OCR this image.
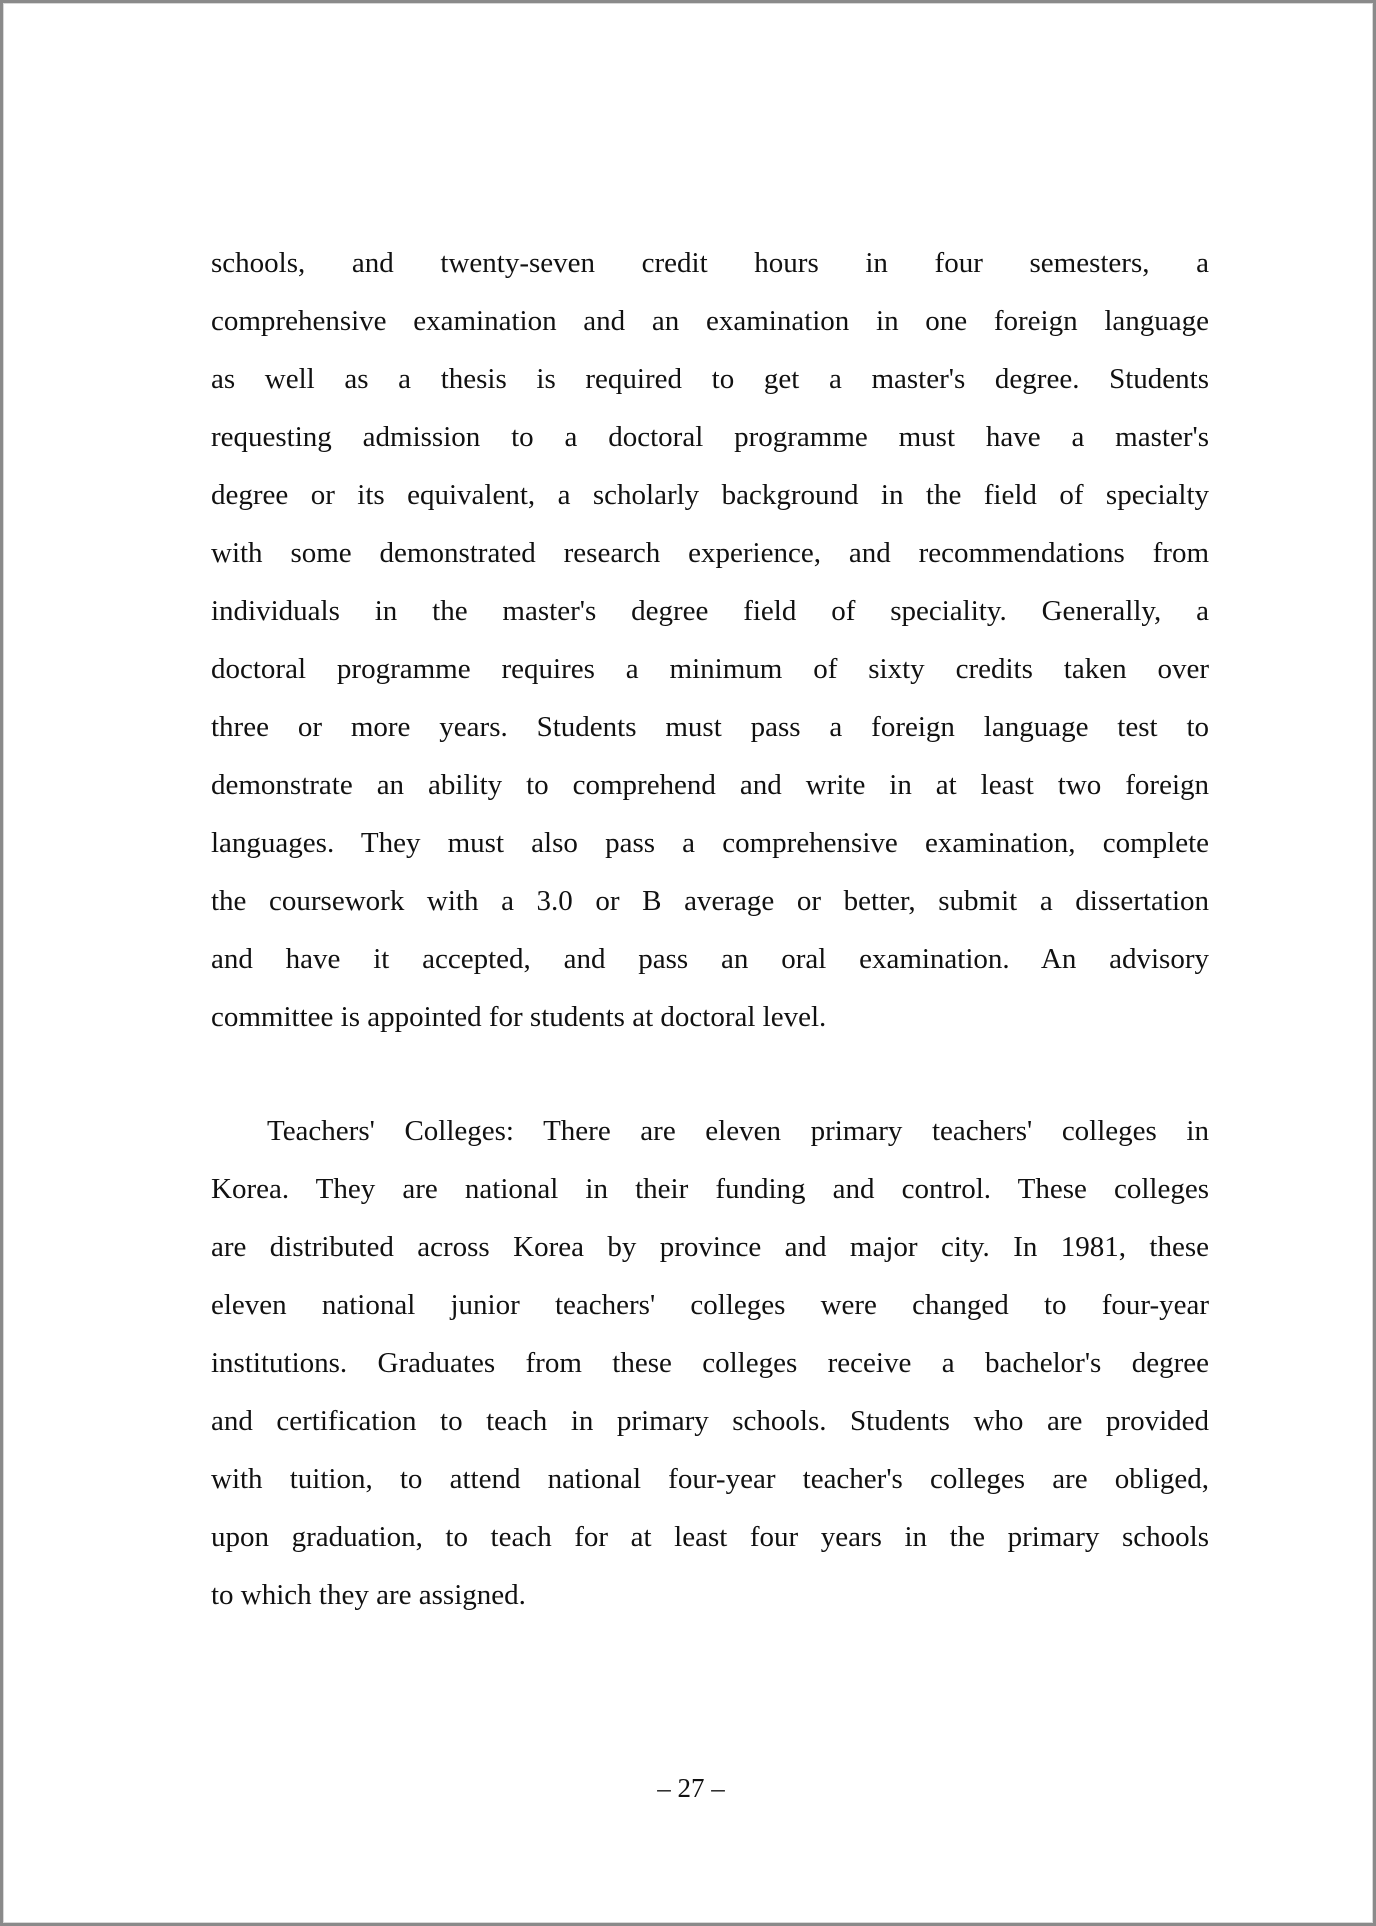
schools, and twenty-seven credit hours in four semesters, a
comprehensive examination and an examination in one foreign language
as well as a thesis is required to get a master's degree. Students
requesting admission to a doctoral programme must have a master's
degree or its equivalent, a scholarly background in the field of specialty
with some demonstrated research experience, and recommendations from
individuals in the master's degree field of speciality. Generally, a
doctoral programme requires a minimum of sixty credits taken over
three or more years. Students must pass a foreign language test to
demonstrate an ability to comprehend and write in at least two foreign
languages. They must also pass a comprehensive examination, complete
the coursework with a 3.0 or B average or better, submit a dissertation
and have it accepted, and pass an oral examination. An advisory
committee is appointed for students at doctoral level.
Teachers' Colleges: There are eleven primary teachers' colleges in
Korea. They are national in their funding and control. These colleges
are distributed across Korea by province and major city. In 1981, these
eleven national junior teachers' colleges were changed to four-year
institutions. Graduates from these colleges receive a bachelor's degree
and certification to teach in primary schools. Students who are provided
with tuition, to attend national four-year teacher's colleges are obliged,
upon graduation, to teach for at least four years in the primary schools
to which they are assigned.
– 27 –
